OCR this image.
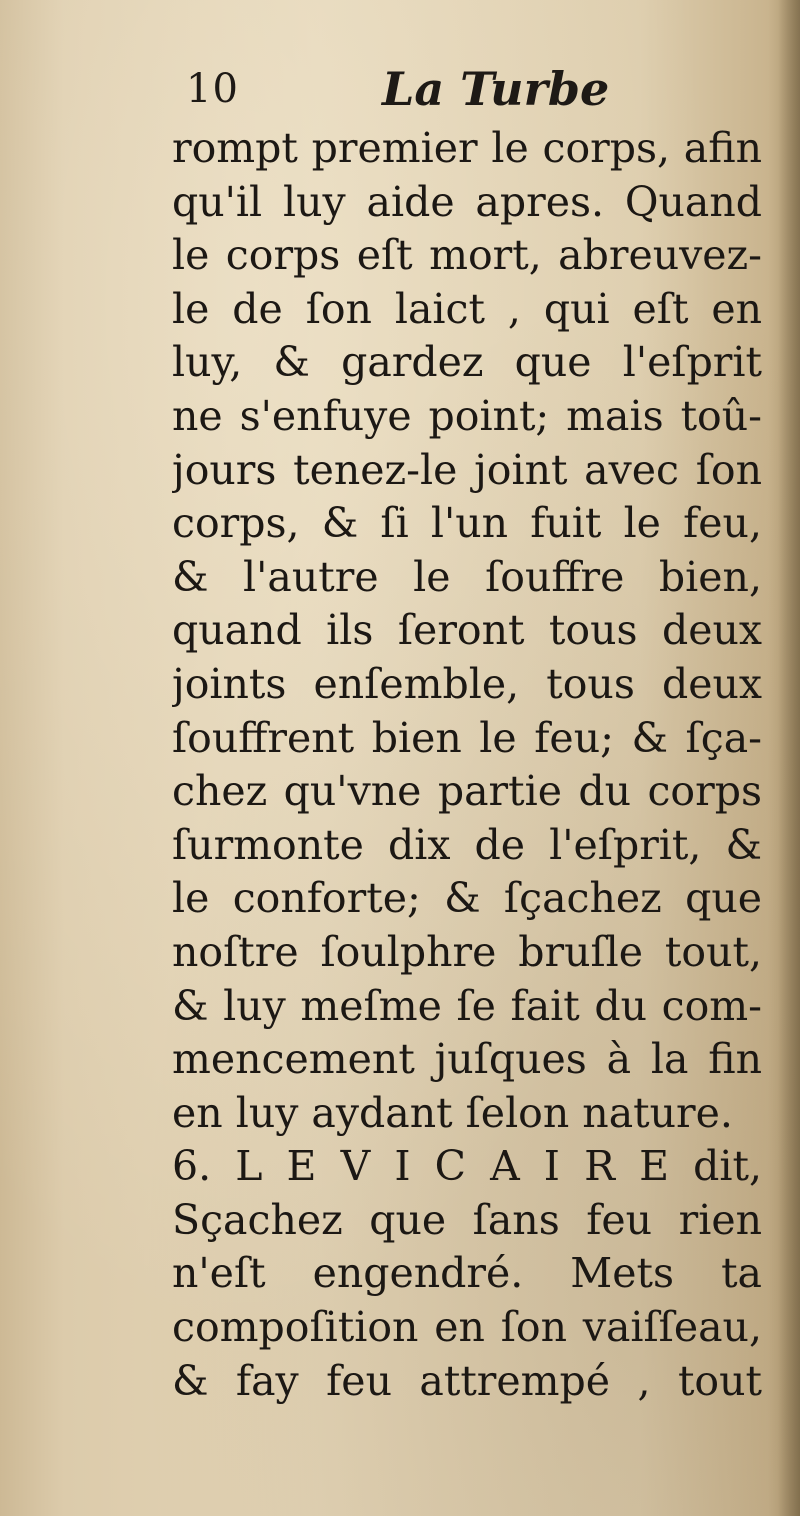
10	La Turbe
rompt premier le corps, afin
qu'il luy aide apres. Quand
le corps eſt mort, abreuvez-
le de ſon laict , qui eſt en
luy, & gardez que l'eſprit
ne s'enfuye point; mais toû-
jours tenez-le joint avec ſon
corps, & ſi l'un fuit le feu,
& l'autre le ſouffre bien,
quand ils ſeront tous deux
joints enſemble, tous deux
ſouffrent bien le feu; & ſça-
chez qu'vne partie du corps
ſurmonte dix de l'eſprit, &
le conforte; & ſçachez que
noſtre ſoulphre bruſle tout,
& luy meſme ſe fait du com-
mencement juſques à la fin
en luy aydant ſelon nature.
6. L E V I C A I R E dit,
Sçachez que ſans feu rien
n'eſt engendré. Mets ta
compoſition en ſon vaiſſeau,
& fay feu attrempé , tout
